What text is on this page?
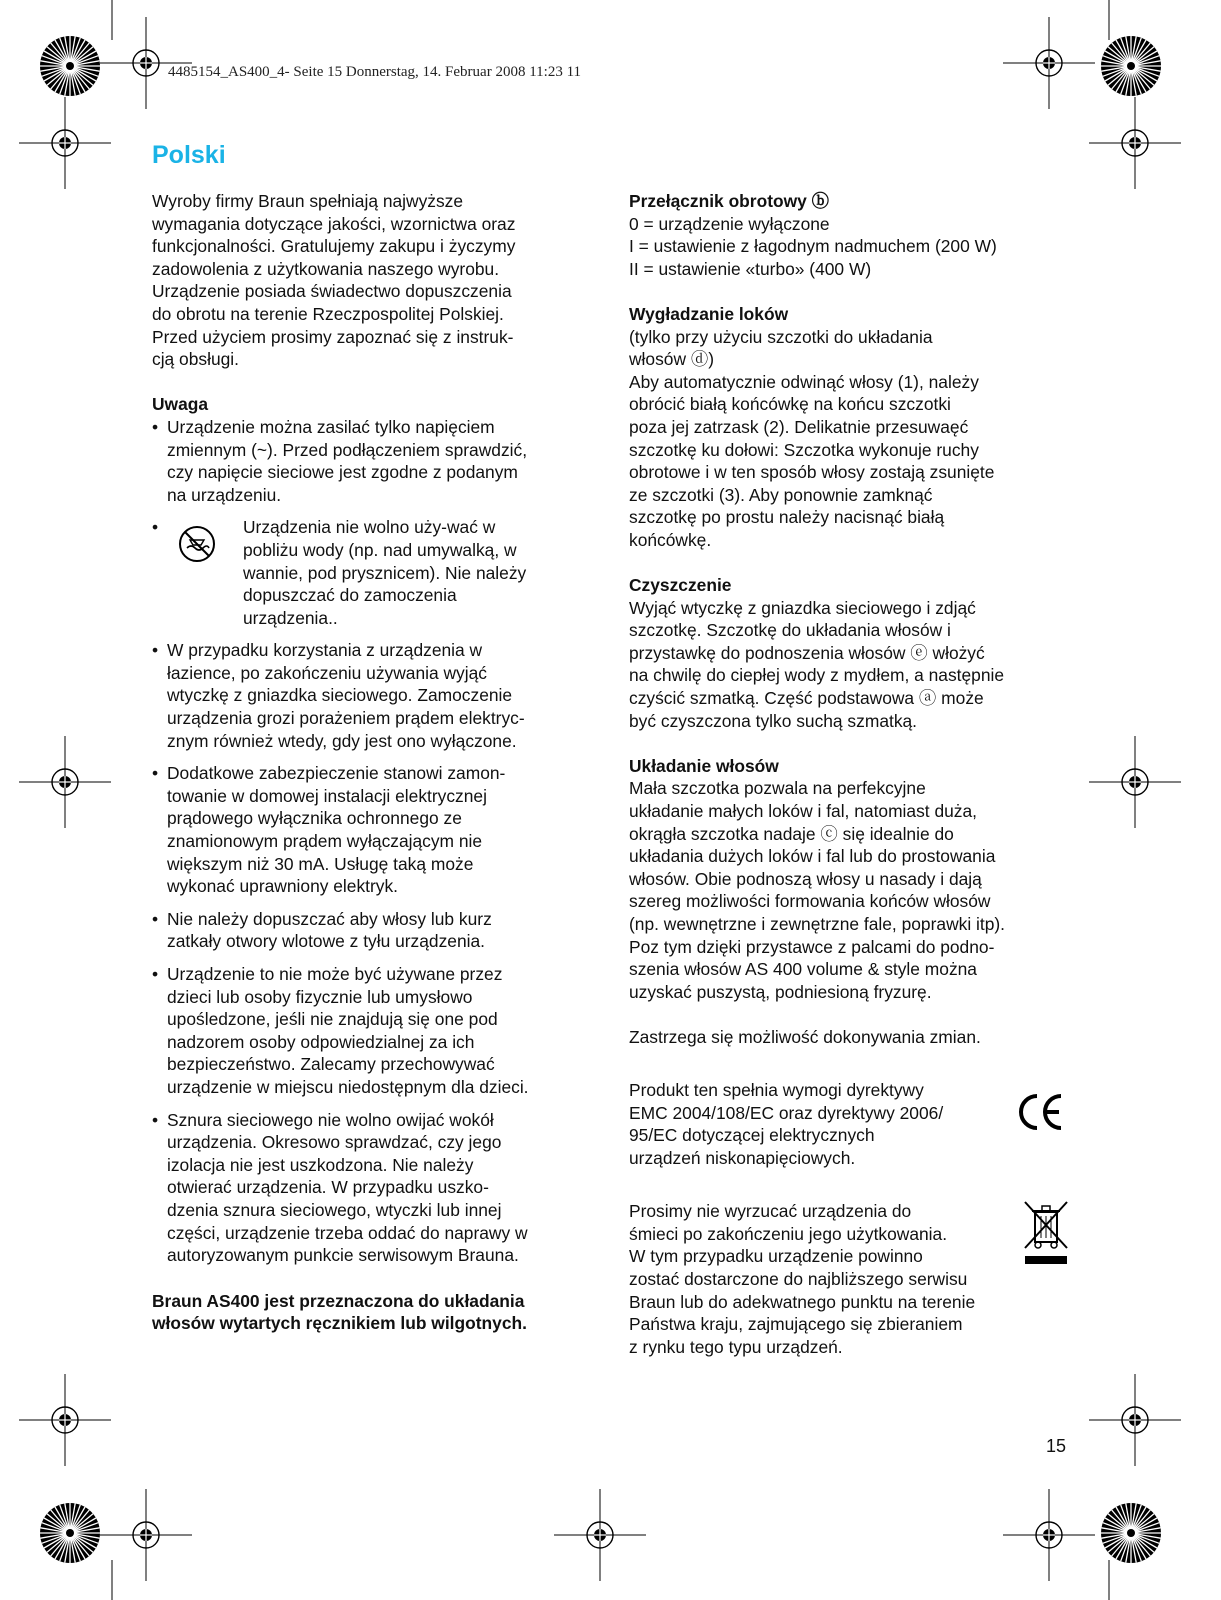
4485154_AS400_4- Seite 15 Donnerstag, 14. Februar 2008 11:23 11
Polski
Wyroby firmy Braun spełniają najwyższe
wymagania dotyczące jakości, wzornictwa oraz
funkcjonalności. Gratulujemy zakupu i życzymy
zadowolenia z użytkowania naszego wyrobu.
Urządzenie posiada świadectwo dopuszczenia
do obrotu na terenie Rzeczpospolitej Polskiej.
Przed użyciem prosimy zapoznać się z instruk-
cją obsługi.

Uwaga

• Urządzenie można zasilać tylko napięciem
zmiennym (~). Przed podłączeniem sprawdzić,
czy napięcie sieciowe jest zgodne z podanym
na urządzeniu.
• Urządzenia nie wolno uży-wać w
pobliżu wody (np. nad umywalką, w
wannie, pod prysznicem). Nie należy
dopuszczać do zamoczenia
urządzenia..
• W przypadku korzystania z urządzenia w
łazience, po zakończeniu używania wyjąć
wtyczkę z gniazdka sieciowego. Zamoczenie
urządzenia grozi porażeniem prądem elektryc-
znym również wtedy, gdy jest ono wyłączone.
• Dodatkowe zabezpieczenie stanowi zamon-
towanie w domowej instalacji elektrycznej
prądowego wyłącznika ochronnego ze
znamionowym prądem wyłączającym nie
większym niż 30 mA. Usługę taką może
wykonać uprawniony elektryk.
• Nie należy dopuszczać aby włosy lub kurz
zatkały otwory wlotowe z tyłu urządzenia.
• Urządzenie to nie może być używane przez
dzieci lub osoby fizycznie lub umysłowo
upośledzone, jeśli nie znajdują się one pod
nadzorem osoby odpowiedzialnej za ich
bezpieczeństwo. Zalecamy przechowywać
urządzenie w miejscu niedostępnym dla dzieci.
• Sznura sieciowego nie wolno owijać wokół
urządzenia. Okresowo sprawdzać, czy jego
izolacja nie jest uszkodzona. Nie należy
otwierać urządzenia. W przypadku uszko-
dzenia sznura sieciowego, wtyczki lub innej
części, urządzenie trzeba oddać do naprawy w
autoryzowanym punkcie serwisowym Brauna.
Braun AS400 jest przeznaczona do układania
włosów wytartych ręcznikiem lub wilgotnych.

Przełącznik obrotowy ⓑ

0 = urządzenie wyłączone
I = ustawienie z łagodnym nadmuchem (200 W)
II = ustawienie «turbo» (400 W)

Wygładzanie loków

(tylko przy użyciu szczotki do układania
włosów ⓓ)
Aby automatycznie odwinąć włosy (1), należy
obrócić białą końcówkę na końcu szczotki
poza jej zatrzask (2). Delikatnie przesuwaęć
szczotkę ku dołowi: Szczotka wykonuje ruchy
obrotowe i w ten sposób włosy zostają zsunięte
ze szczotki (3). Aby ponownie zamknąć
szczotkę po prostu należy nacisnąć białą
końcówkę.

Czyszczenie

Wyjąć wtyczkę z gniazdka sieciowego i zdjąć
szczotkę. Szczotkę do układania włosów i
przystawkę do podnoszenia włosów ⓔ włożyć
na chwilę do ciepłej wody z mydłem, a następnie
czyścić szmatką. Część podstawowa ⓐ może
być czyszczona tylko suchą szmatką.

Układanie włosów

Mała szczotka pozwala na perfekcyjne
układanie małych loków i fal, natomiast duża,
okrągła szczotka nadaje ⓒ się idealnie do
układania dużych loków i fal lub do prostowania
włosów. Obie podnoszą włosy u nasady i dają
szereg możliwości formowania końców włosów
(np. wewnętrzne i zewnętrzne fale, poprawki itp).
Poz tym dzięki przystawce z palcami do podno-
szenia włosów AS 400 volume & style można
uzyskać puszystą, podniesioną fryzurę.
Zastrzega się możliwość dokonywania zmian.
Produkt ten spełnia wymogi dyrektywy
EMC 2004/108/EC oraz dyrektywy 2006/
95/EC dotyczącej elektrycznych
urządzeń niskonapięciowych.
Prosimy nie wyrzucać urządzenia do
śmieci po zakończeniu jego użytkowania.
W tym przypadku urządzenie powinno
zostać dostarczone do najbliższego serwisu
Braun lub do adekwatnego punktu na terenie
Państwa kraju, zajmującego się zbieraniem
z rynku tego typu urządzeń.
15
